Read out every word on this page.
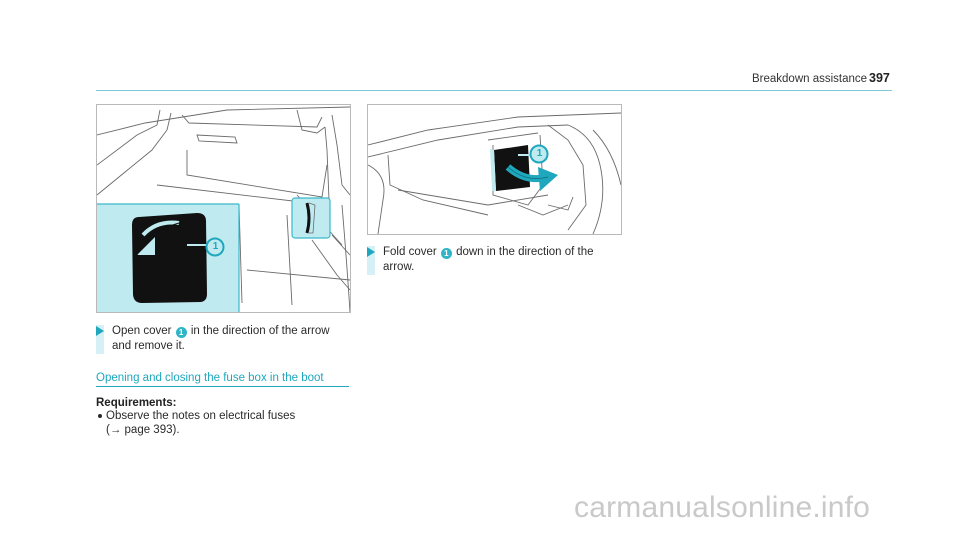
Breakdown assistance 397
1
1
Open cover 1 in the direction of the arrow
and remove it.
Fold cover 1 down in the direction of the
arrow.
Opening and closing the fuse box in the boot
Requirements:
Observe the notes on electrical fuses
(→ page 393).
carmanualsonline.info
